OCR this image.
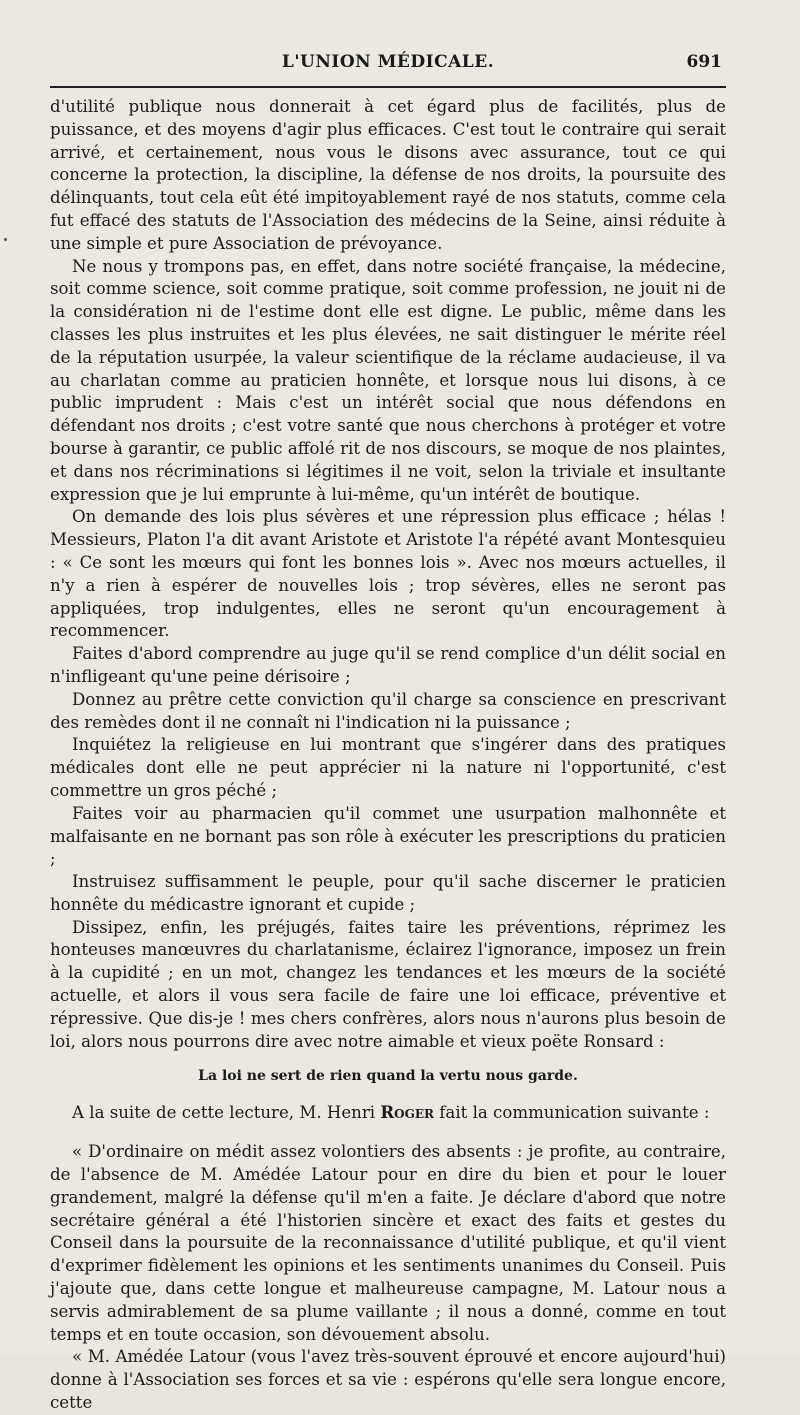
L'UNION MÉDICALE.	691

d'utilité publique nous donnerait à cet égard plus de facilités, plus de puissance, et des moyens d'agir plus efficaces. C'est tout le contraire qui serait arrivé, et certainement, nous vous le disons avec assurance, tout ce qui concerne la protection, la discipline, la défense de nos droits, la poursuite des délinquants, tout cela eût été impitoyablement rayé de nos statuts, comme cela fut effacé des statuts de l'Association des médecins de la Seine, ainsi réduite à une simple et pure Association de prévoyance.

Ne nous y trompons pas, en effet, dans notre société française, la médecine, soit comme science, soit comme pratique, soit comme profession, ne jouit ni de la considération ni de l'estime dont elle est digne. Le public, même dans les classes les plus instruites et les plus élevées, ne sait distinguer le mérite réel de la réputation usurpée, la valeur scientifique de la réclame audacieuse, il va au charlatan comme au praticien honnête, et lorsque nous lui disons, à ce public imprudent : Mais c'est un intérêt social que nous défendons en défendant nos droits ; c'est votre santé que nous cherchons à protéger et votre bourse à garantir, ce public affolé rit de nos discours, se moque de nos plaintes, et dans nos récriminations si légitimes il ne voit, selon la triviale et insultante expression que je lui emprunte à lui-même, qu'un intérêt de boutique.

On demande des lois plus sévères et une répression plus efficace ; hélas ! Messieurs, Platon l'a dit avant Aristote et Aristote l'a répété avant Montesquieu : « Ce sont les mœurs qui font les bonnes lois ». Avec nos mœurs actuelles, il n'y a rien à espérer de nouvelles lois ; trop sévères, elles ne seront pas appliquées, trop indulgentes, elles ne seront qu'un encouragement à recommencer.

Faites d'abord comprendre au juge qu'il se rend complice d'un délit social en n'infligeant qu'une peine dérisoire ;

Donnez au prêtre cette conviction qu'il charge sa conscience en prescrivant des remèdes dont il ne connaît ni l'indication ni la puissance ;

Inquiétez la religieuse en lui montrant que s'ingérer dans des pratiques médicales dont elle ne peut apprécier ni la nature ni l'opportunité, c'est commettre un gros péché ;

Faites voir au pharmacien qu'il commet une usurpation malhonnête et malfaisante en ne bornant pas son rôle à exécuter les prescriptions du praticien ;

Instruisez suffisamment le peuple, pour qu'il sache discerner le praticien honnête du médicastre ignorant et cupide ;

Dissipez, enfin, les préjugés, faites taire les préventions, réprimez les honteuses manœuvres du charlatanisme, éclairez l'ignorance, imposez un frein à la cupidité ; en un mot, changez les tendances et les mœurs de la société actuelle, et alors il vous sera facile de faire une loi efficace, préventive et répressive. Que dis-je ! mes chers confrères, alors nous n'aurons plus besoin de loi, alors nous pourrons dire avec notre aimable et vieux poëte Ronsard :

La loi ne sert de rien quand la vertu nous garde.

A la suite de cette lecture, M. Henri Roger fait la communication suivante :

« D'ordinaire on médit assez volontiers des absents : je profite, au contraire, de l'absence de M. Amédée Latour pour en dire du bien et pour le louer grandement, malgré la défense qu'il m'en a faite. Je déclare d'abord que notre secrétaire général a été l'historien sincère et exact des faits et gestes du Conseil dans la poursuite de la reconnaissance d'utilité publique, et qu'il vient d'exprimer fidèlement les opinions et les sentiments unanimes du Conseil. Puis j'ajoute que, dans cette longue et malheureuse campagne, M. Latour nous a servis admirablement de sa plume vaillante ; il nous a donné, comme en tout temps et en toute occasion, son dévouement absolu.

« M. Amédée Latour (vous l'avez très-souvent éprouvé et encore aujourd'hui) donne à l'Association ses forces et sa vie : espérons qu'elle sera longue encore, cette
